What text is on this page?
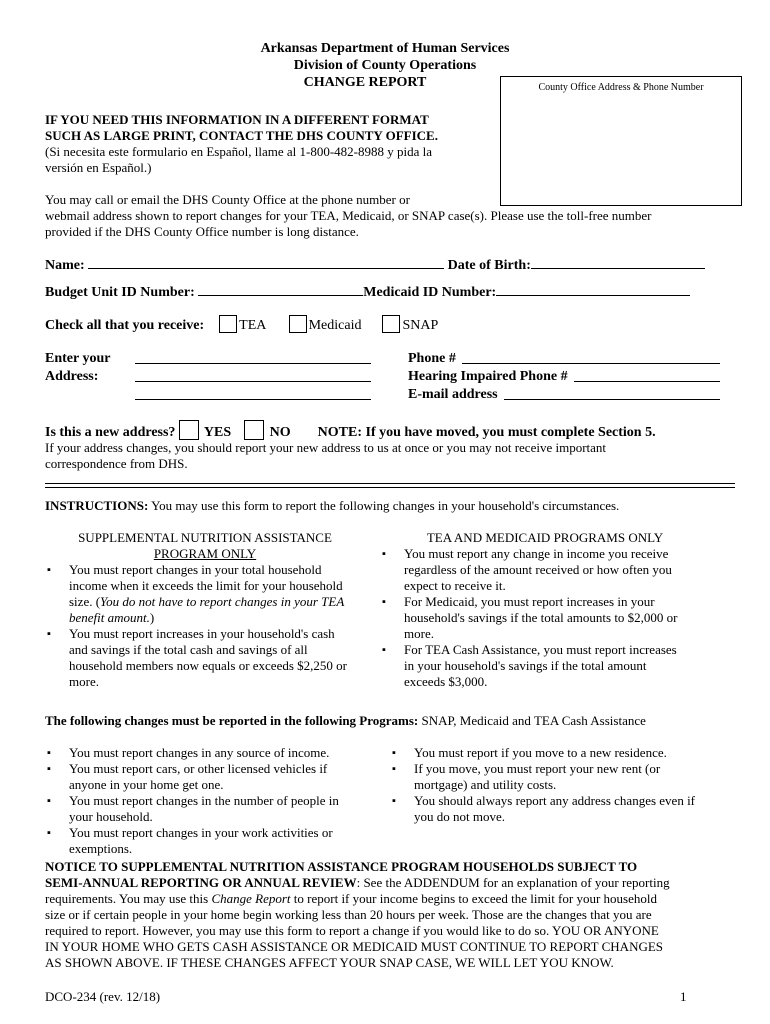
Arkansas Department of Human Services
Division of County Operations
CHANGE REPORT	County Office Address & Phone Number
IF YOU NEED THIS INFORMATION IN A DIFFERENT FORMAT
SUCH AS LARGE PRINT, CONTACT THE DHS COUNTY OFFICE.
(Si necesita este formulario en Español, llame al 1-800-482-8988 y pida la
versión en Español.)
You may call or email the DHS County Office at the phone number or
webmail address shown to report changes for your TEA, Medicaid, or SNAP case(s). Please use the toll-free number
provided if the DHS County Office number is long distance.
Name:	Date of Birth:
Budget Unit ID Number:	Medicaid ID Number:
Check all that you receive:	TEA	Medicaid	SNAP
Enter your
Address:
Phone #
Hearing Impaired Phone #
E-mail address
Is this a new address? YES	NO NOTE: If you have moved, you must complete Section 5.
If your address changes, you should report your new address to us at once or you may not receive important
correspondence from DHS.
INSTRUCTIONS: You may use this form to report the following changes in your household's circumstances.
SUPPLEMENTAL NUTRITION ASSISTANCE
PROGRAM ONLY
▪ You must report changes in your total household
income when it exceeds the limit for your household
size. (You do not have to report changes in your TEA
benefit amount.)
▪ You must report increases in your household's cash
and savings if the total cash and savings of all
household members now equals or exceeds $2,250 or
more.
TEA AND MEDICAID PROGRAMS ONLY
▪ You must report any change in income you receive
regardless of the amount received or how often you
expect to receive it.
▪ For Medicaid, you must report increases in your
household's savings if the total amounts to $2,000 or
more.
▪ For TEA Cash Assistance, you must report increases
in your household's savings if the total amount
exceeds $3,000.
The following changes must be reported in the following Programs: SNAP, Medicaid and TEA Cash Assistance
▪ You must report changes in any source of income.
▪ You must report cars, or other licensed vehicles if
anyone in your home get one.
▪ You must report changes in the number of people in
your household.
▪ You must report changes in your work activities or
exemptions.
▪ You must report if you move to a new residence.
▪ If you move, you must report your new rent (or
mortgage) and utility costs.
▪ You should always report any address changes even if
you do not move.
NOTICE TO SUPPLEMENTAL NUTRITION ASSISTANCE PROGRAM HOUSEHOLDS SUBJECT TO
SEMI-ANNUAL REPORTING OR ANNUAL REVIEW: See the ADDENDUM for an explanation of your reporting
requirements. You may use this Change Report to report if your income begins to exceed the limit for your household
size or if certain people in your home begin working less than 20 hours per week. Those are the changes that you are
required to report. However, you may use this form to report a change if you would like to do so. YOU OR ANYONE
IN YOUR HOME WHO GETS CASH ASSISTANCE OR MEDICAID MUST CONTINUE TO REPORT CHANGES
AS SHOWN ABOVE. IF THESE CHANGES AFFECT YOUR SNAP CASE, WE WILL LET YOU KNOW.
DCO-234 (rev. 12/18)	1
